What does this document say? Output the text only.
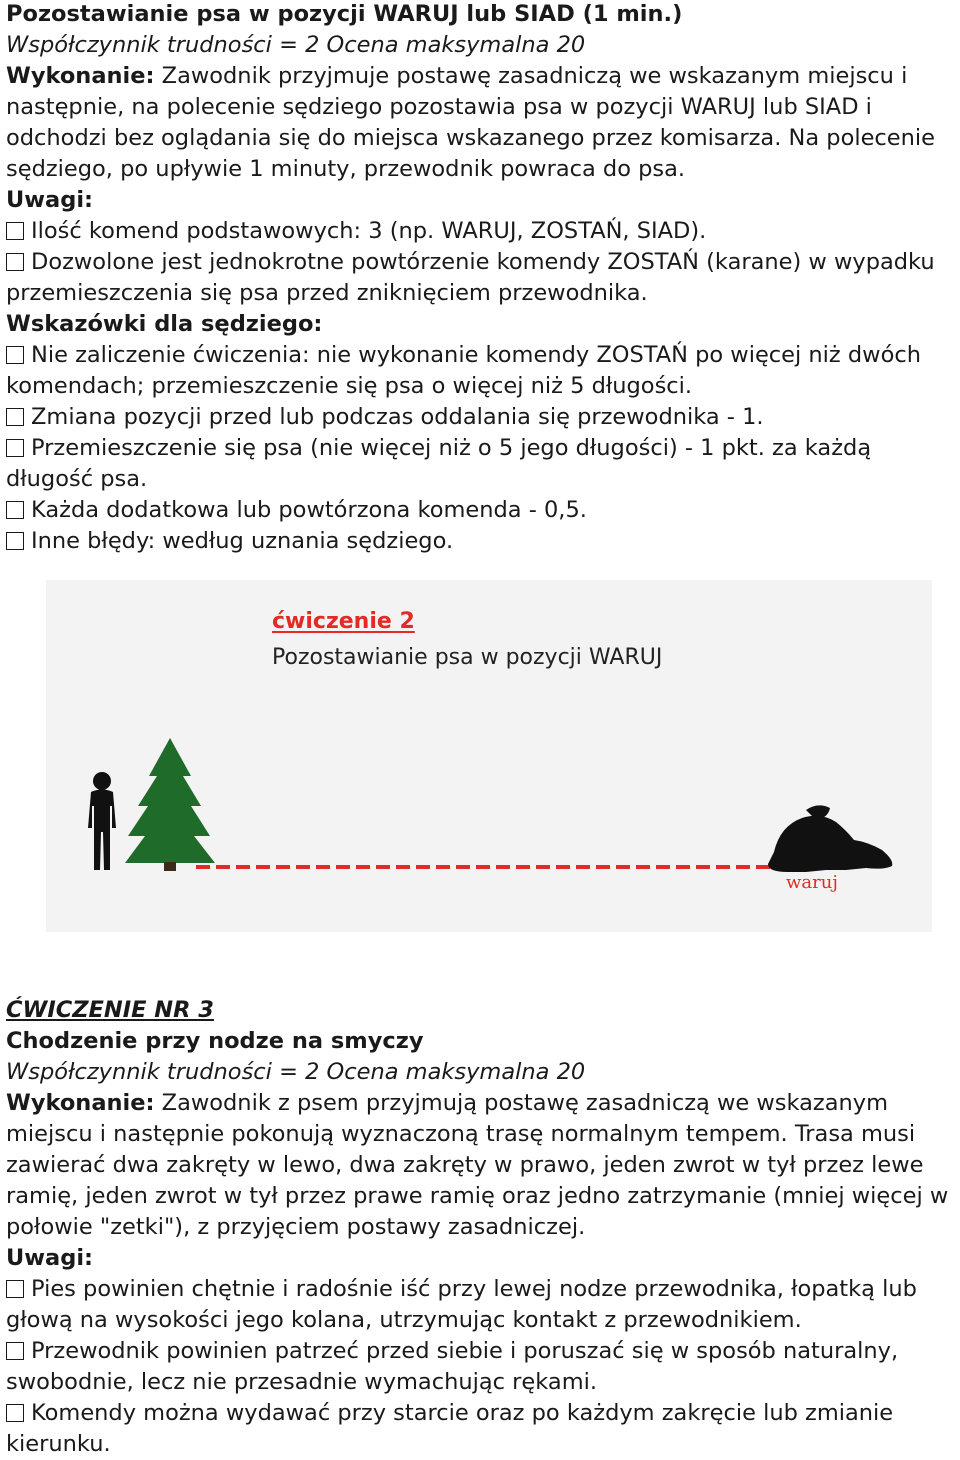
Pozostawianie psa w pozycji WARUJ lub SIAD (1 min.)
Współczynnik trudności = 2 Ocena maksymalna 20
Wykonanie: Zawodnik przyjmuje postawę zasadniczą we wskazanym miejscu i
następnie, na polecenie sędziego pozostawia psa w pozycji WARUJ lub SIAD i
odchodzi bez oglądania się do miejsca wskazanego przez komisarza. Na polecenie
sędziego, po upływie 1 minuty, przewodnik powraca do psa.
Uwagi:
Ilość komend podstawowych: 3 (np. WARUJ, ZOSTAŃ, SIAD).
Dozwolone jest jednokrotne powtórzenie komendy ZOSTAŃ (karane) w wypadku
przemieszczenia się psa przed zniknięciem przewodnika.
Wskazówki dla sędziego:
Nie zaliczenie ćwiczenia: nie wykonanie komendy ZOSTAŃ po więcej niż dwóch
komendach; przemieszczenie się psa o więcej niż 5 długości.
Zmiana pozycji przed lub podczas oddalania się przewodnika - 1.
Przemieszczenie się psa (nie więcej niż o 5 jego długości) - 1 pkt. za każdą
długość psa.
Każda dodatkowa lub powtórzona komenda - 0,5.
Inne błędy: według uznania sędziego.
ćwiczenie 2
Pozostawianie psa w pozycji WARUJ
waruj
ĆWICZENIE NR 3
Chodzenie przy nodze na smyczy
Współczynnik trudności = 2 Ocena maksymalna 20
Wykonanie: Zawodnik z psem przyjmują postawę zasadniczą we wskazanym
miejscu i następnie pokonują wyznaczoną trasę normalnym tempem. Trasa musi
zawierać dwa zakręty w lewo, dwa zakręty w prawo, jeden zwrot w tył przez lewe
ramię, jeden zwrot w tył przez prawe ramię oraz jedno zatrzymanie (mniej więcej w
połowie "zetki"), z przyjęciem postawy zasadniczej.
Uwagi:
Pies powinien chętnie i radośnie iść przy lewej nodze przewodnika, łopatką lub
głową na wysokości jego kolana, utrzymując kontakt z przewodnikiem.
Przewodnik powinien patrzeć przed siebie i poruszać się w sposób naturalny,
swobodnie, lecz nie przesadnie wymachując rękami.
Komendy można wydawać przy starcie oraz po każdym zakręcie lub zmianie
kierunku.
